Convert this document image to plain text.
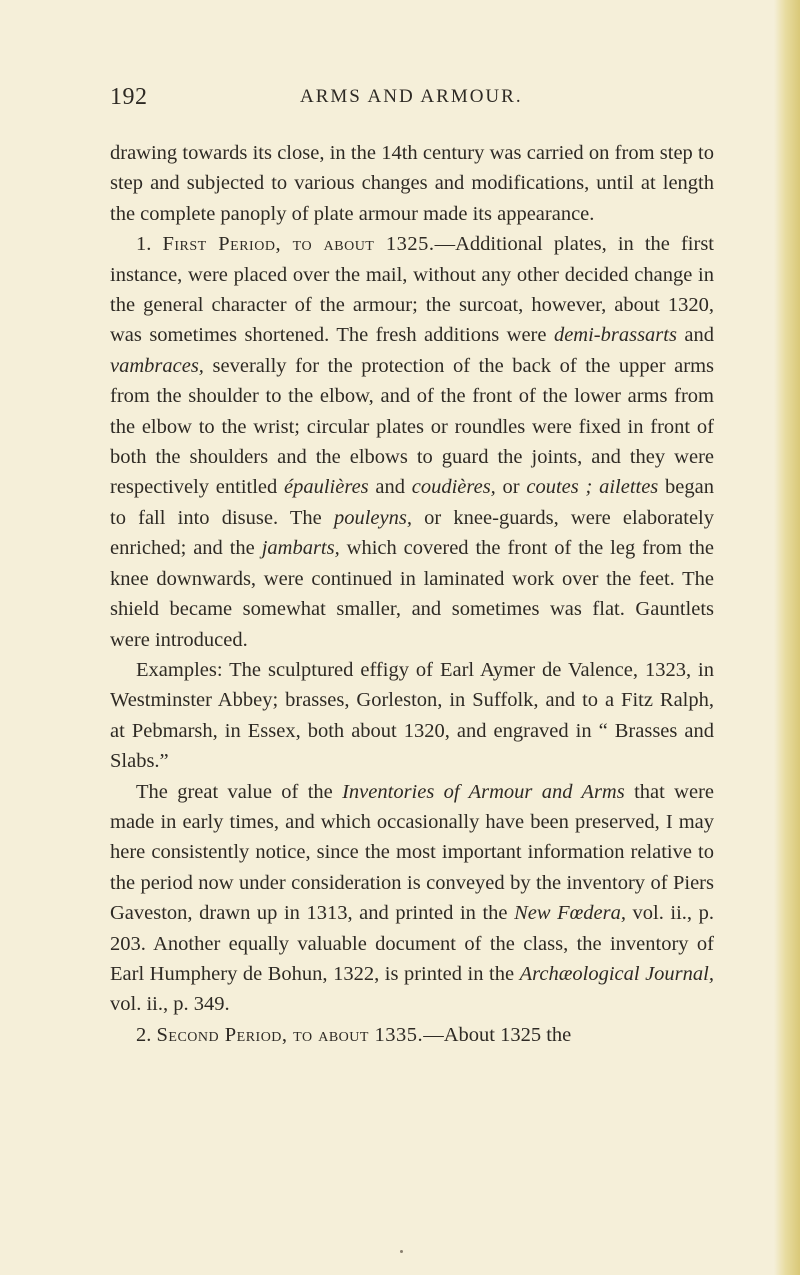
192	ARMS AND ARMOUR.

drawing towards its close, in the 14th century was carried on from step to step and subjected to various changes and modifications, until at length the complete panoply of plate armour made its appearance.

1. First Period, to about 1325.—Additional plates, in the first instance, were placed over the mail, without any other decided change in the general character of the armour; the surcoat, however, about 1320, was sometimes shortened. The fresh additions were demi-brassarts and vambraces, severally for the protection of the back of the upper arms from the shoulder to the elbow, and of the front of the lower arms from the elbow to the wrist; circular plates or roundles were fixed in front of both the shoulders and the elbows to guard the joints, and they were respectively entitled épaulières and coudières, or coutes ; ailettes began to fall into disuse. The pouleyns, or knee-guards, were elaborately enriched; and the jambarts, which covered the front of the leg from the knee downwards, were continued in laminated work over the feet. The shield became somewhat smaller, and sometimes was flat. Gauntlets were introduced.

Examples: The sculptured effigy of Earl Aymer de Valence, 1323, in Westminster Abbey; brasses, Gorleston, in Suffolk, and to a Fitz Ralph, at Pebmarsh, in Essex, both about 1320, and engraved in “ Brasses and Slabs.”

The great value of the Inventories of Armour and Arms that were made in early times, and which occasionally have been preserved, I may here consistently notice, since the most important information relative to the period now under consideration is conveyed by the inventory of Piers Gaveston, drawn up in 1313, and printed in the New Fœdera, vol. ii., p. 203. Another equally valuable document of the class, the inventory of Earl Humphery de Bohun, 1322, is printed in the Archæological Journal, vol. ii., p. 349.

2. Second Period, to about 1335.—About 1325 the
